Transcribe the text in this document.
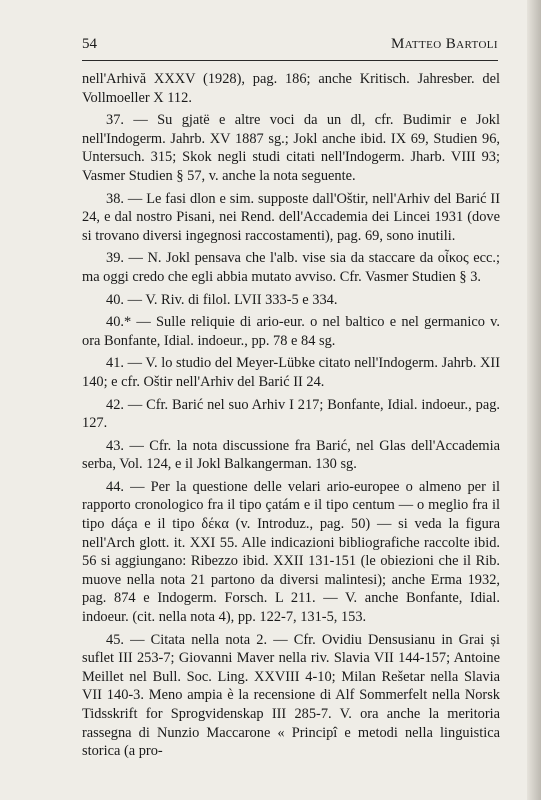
54	Matteo Bartoli

nell'Arhivă XXXV (1928), pag. 186; anche Kritisch. Jahresber. del Vollmoeller X 112.

37. — Su gjatë e altre voci da un dl, cfr. Budimir e Jokl nell'Indogerm. Jahrb. XV 1887 sg.; Jokl anche ibid. IX 69, Studien 96, Untersuch. 315; Skok negli studi citati nell'Indogerm. Jharb. VIII 93; Vasmer Studien § 57, v. anche la nota seguente.

38. — Le fasi dlon e sim. supposte dall'Oštir, nell'Arhiv del Barić II 24, e dal nostro Pisani, nei Rend. dell'Accademia dei Lincei 1931 (dove si trovano diversi ingegnosi raccostamenti), pag. 69, sono inutili.

39. — N. Jokl pensava che l'alb. vise sia da staccare da οἶκος ecc.; ma oggi credo che egli abbia mutato avviso. Cfr. Vasmer Studien § 3.

40. — V. Riv. di filol. LVII 333-5 e 334.

40.* — Sulle reliquie di ario-eur. o nel baltico e nel germanico v. ora Bonfante, Idial. indoeur., pp. 78 e 84 sg.

41. — V. lo studio del Meyer-Lübke citato nell'Indogerm. Jahrb. XII 140; e cfr. Oštir nell'Arhiv del Barić II 24.

42. — Cfr. Barić nel suo Arhiv I 217; Bonfante, Idial. indoeur., pag. 127.

43. — Cfr. la nota discussione fra Barić, nel Glas dell'Accademia serba, Vol. 124, e il Jokl Balkangerman. 130 sg.

44. — Per la questione delle velari ario-europee o almeno per il rapporto cronologico fra il tipo çatám e il tipo centum — o meglio fra il tipo dáça e il tipo δέκα (v. Introduz., pag. 50) — si veda la figura nell'Arch glott. it. XXI 55. Alle indicazioni bibliografiche raccolte ibid. 56 si aggiungano: Ribezzo ibid. XXII 131-151 (le obiezioni che il Rib. muove nella nota 21 partono da diversi malintesi); anche Erma 1932, pag. 874 e Indogerm. Forsch. L 211. — V. anche Bonfante, Idial. indoeur. (cit. nella nota 4), pp. 122-7, 131-5, 153.

45. — Citata nella nota 2. — Cfr. Ovidiu Densusianu in Grai și suflet III 253-7; Giovanni Maver nella riv. Slavia VII 144-157; Antoine Meillet nel Bull. Soc. Ling. XXVIII 4-10; Milan Rešetar nella Slavia VII 140-3. Meno ampia è la recensione di Alf Sommerfelt nella Norsk Tidsskrift for Sprogvidenskap III 285-7. V. ora anche la meritoria rassegna di Nunzio Maccarone « Principî e metodi nella linguistica storica (a pro-
